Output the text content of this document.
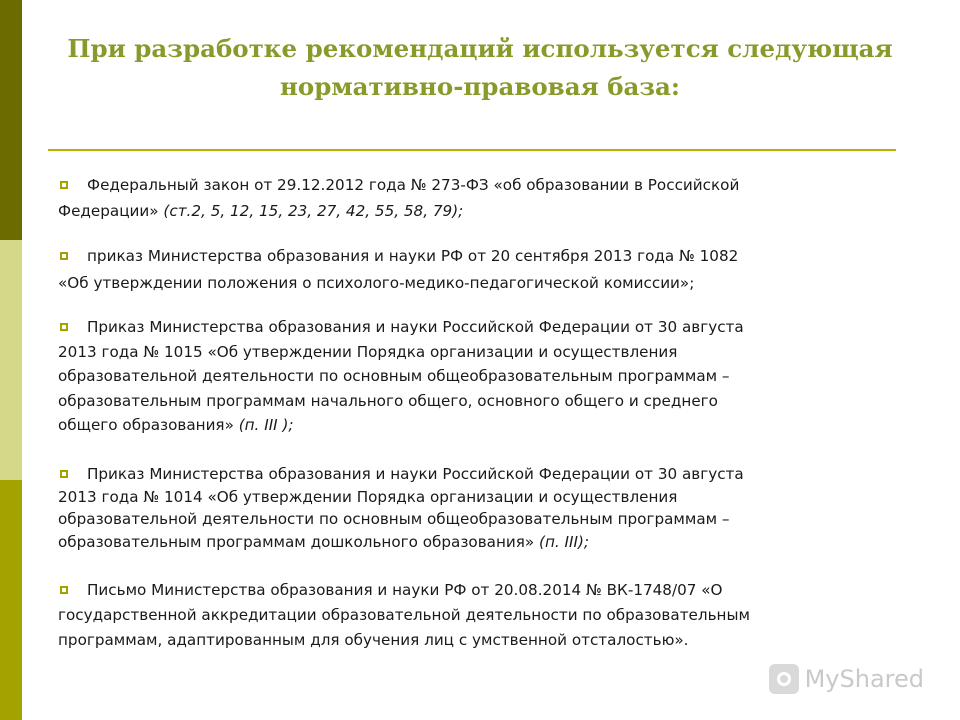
При разработке рекомендаций используется следующая
нормативно-правовая база:
Федеральный закон от 29.12.2012 года № 273-ФЗ «об образовании в Российской
Федерации» (ст.2, 5, 12, 15, 23, 27, 42, 55, 58, 79);
приказ Министерства образования и науки РФ от 20 сентября 2013 года № 1082
«Об утверждении положения о психолого-медико-педагогической комиссии»;
Приказ Министерства образования и науки Российской Федерации от 30 августа
2013 года № 1015 «Об утверждении Порядка организации и осуществления
образовательной деятельности по основным общеобразовательным программам –
образовательным программам начального общего, основного общего и среднего
общего образования» (п. III );
Приказ Министерства образования и науки Российской Федерации от 30 августа
2013 года № 1014 «Об утверждении Порядка организации и осуществления
образовательной деятельности по основным общеобразовательным программам –
образовательным программам дошкольного образования» (п. III);
Письмо Министерства образования и науки РФ от 20.08.2014 № ВК-1748/07 «О
государственной аккредитации образовательной деятельности по образовательным
программам, адаптированным для обучения лиц с умственной отсталостью».
MyShared
